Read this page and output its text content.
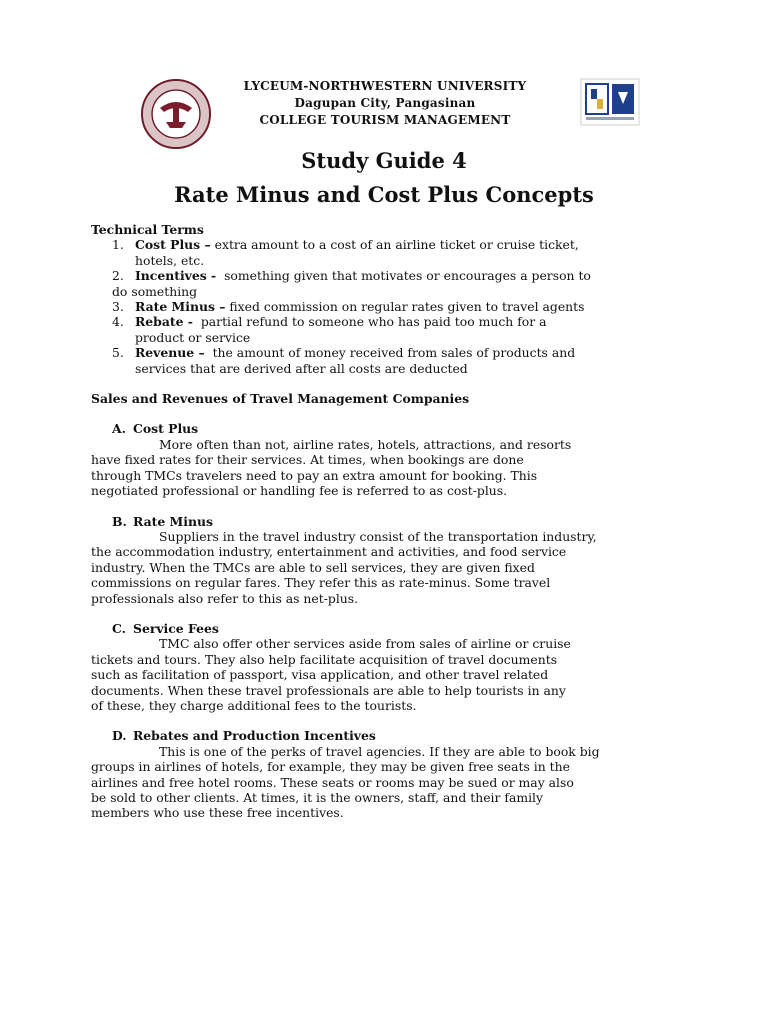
LYCEUM-NORTHWESTERN UNIVERSITY
Dagupan City, Pangasinan
COLLEGE TOURISM MANAGEMENT
Study Guide 4
Rate Minus and Cost Plus Concepts
Technical Terms
1. Cost Plus – extra amount to a cost of an airline ticket or cruise ticket,
hotels, etc.
2. Incentives - something given that motivates or encourages a person to
do something
3. Rate Minus – fixed commission on regular rates given to travel agents
4. Rebate - partial refund to someone who has paid too much for a
product or service
5. Revenue – the amount of money received from sales of products and
services that are derived after all costs are deducted
Sales and Revenues of Travel Management Companies
A. Cost Plus
More often than not, airline rates, hotels, attractions, and resorts
have fixed rates for their services. At times, when bookings are done
through TMCs travelers need to pay an extra amount for booking. This
negotiated professional or handling fee is referred to as cost-plus.
B. Rate Minus
Suppliers in the travel industry consist of the transportation industry,
the accommodation industry, entertainment and activities, and food service
industry. When the TMCs are able to sell services, they are given fixed
commissions on regular fares. They refer this as rate-minus. Some travel
professionals also refer to this as net-plus.
C. Service Fees
TMC also offer other services aside from sales of airline or cruise
tickets and tours. They also help facilitate acquisition of travel documents
such as facilitation of passport, visa application, and other travel related
documents. When these travel professionals are able to help tourists in any
of these, they charge additional fees to the tourists.
D. Rebates and Production Incentives
This is one of the perks of travel agencies. If they are able to book big
groups in airlines of hotels, for example, they may be given free seats in the
airlines and free hotel rooms. These seats or rooms may be sued or may also
be sold to other clients. At times, it is the owners, staff, and their family
members who use these free incentives.
